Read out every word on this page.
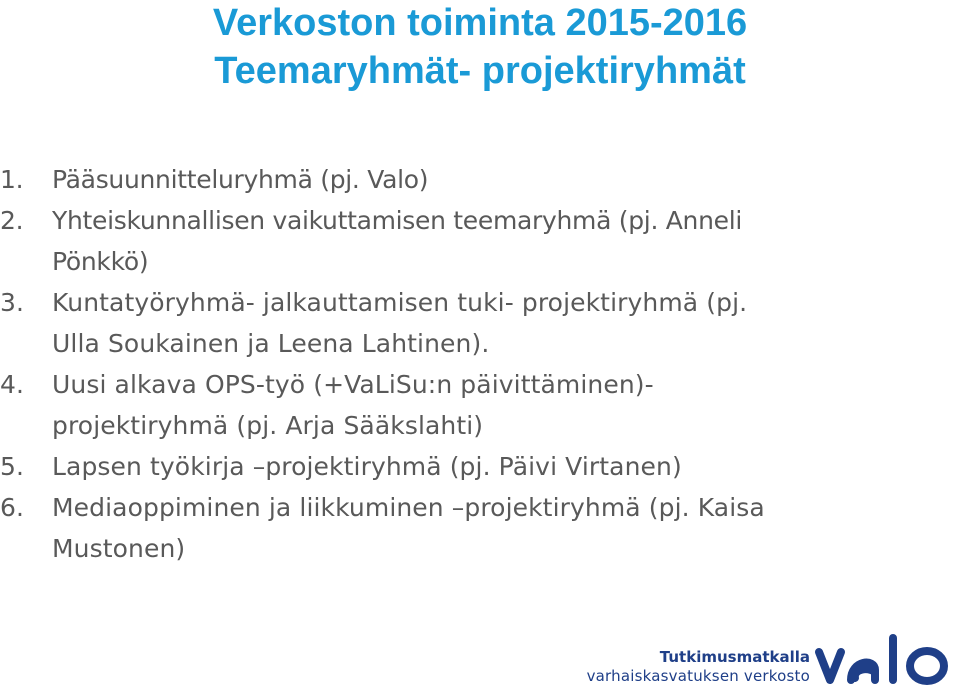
Verkoston toiminta 2015-2016
Teemaryhmät- projektiryhmät
1.	Pääsuunnitteluryhmä (pj. Valo)
2.	Yhteiskunnallisen vaikuttamisen teemaryhmä (pj. Anneli
Pönkkö)
3.	Kuntatyöryhmä- jalkauttamisen tuki- projektiryhmä (pj.
Ulla Soukainen ja Leena Lahtinen).
4.	Uusi alkava OPS-työ (+VaLiSu:n päivittäminen)-
projektiryhmä (pj. Arja Sääkslahti)
5.	Lapsen työkirja –projektiryhmä (pj. Päivi Virtanen)
6.	Mediaoppiminen ja liikkuminen –projektiryhmä (pj. Kaisa
Mustonen)
Tutkimusmatkalla
varhaiskasvatuksen verkosto
